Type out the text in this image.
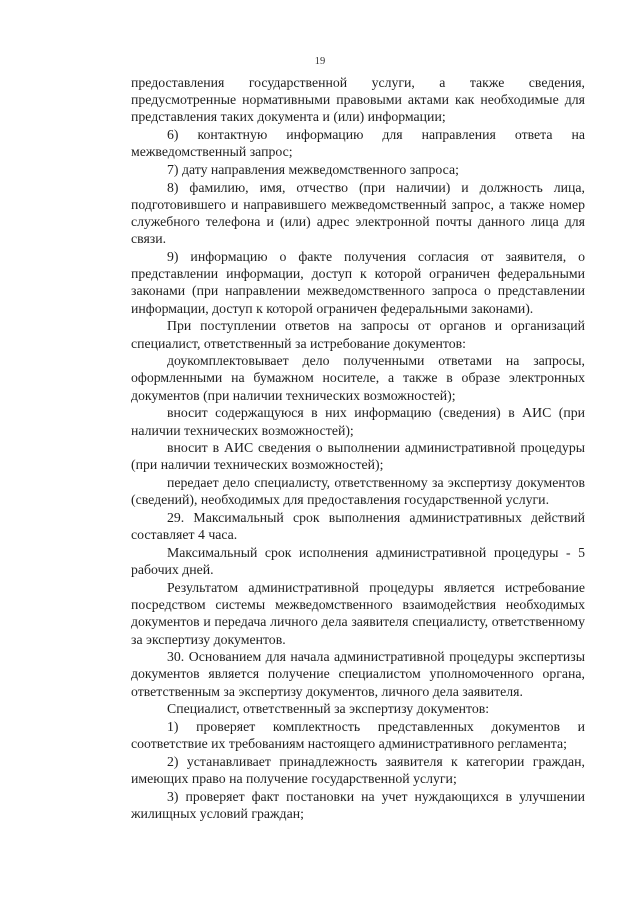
19

предоставления государственной услуги, а также сведения, предусмотренные нормативными правовыми актами как необходимые для представления таких документа и (или) информации;

6) контактную информацию для направления ответа на межведомственный запрос;

7) дату направления межведомственного запроса;

8) фамилию, имя, отчество (при наличии) и должность лица, подготовившего и направившего межведомственный запрос, а также номер служебного телефона и (или) адрес электронной почты данного лица для связи.

9) информацию о факте получения согласия от заявителя, о представлении информации, доступ к которой ограничен федеральными законами (при направлении межведомственного запроса о представлении информации, доступ к которой ограничен федеральными законами).

При поступлении ответов на запросы от органов и организаций специалист, ответственный за истребование документов:

доукомплектовывает дело полученными ответами на запросы, оформленными на бумажном носителе, а также в образе электронных документов (при наличии технических возможностей);

вносит содержащуюся в них информацию (сведения) в АИС (при наличии технических возможностей);

вносит в АИС сведения о выполнении административной процедуры (при наличии технических возможностей);

передает дело специалисту, ответственному за экспертизу документов (сведений), необходимых для предоставления государственной услуги.

29. Максимальный срок выполнения административных действий составляет 4 часа.

Максимальный срок исполнения административной процедуры - 5 рабочих дней.

Результатом административной процедуры является истребование посредством системы межведомственного взаимодействия необходимых документов и передача личного дела заявителя специалисту, ответственному за экспертизу документов.

30. Основанием для начала административной процедуры экспертизы документов является получение специалистом уполномоченного органа, ответственным за экспертизу документов, личного дела заявителя.

Специалист, ответственный за экспертизу документов:

1) проверяет комплектность представленных документов и соответствие их требованиям настоящего административного регламента;

2) устанавливает принадлежность заявителя к категории граждан, имеющих право на получение государственной услуги;

3) проверяет факт постановки на учет нуждающихся в улучшении жилищных условий граждан;
